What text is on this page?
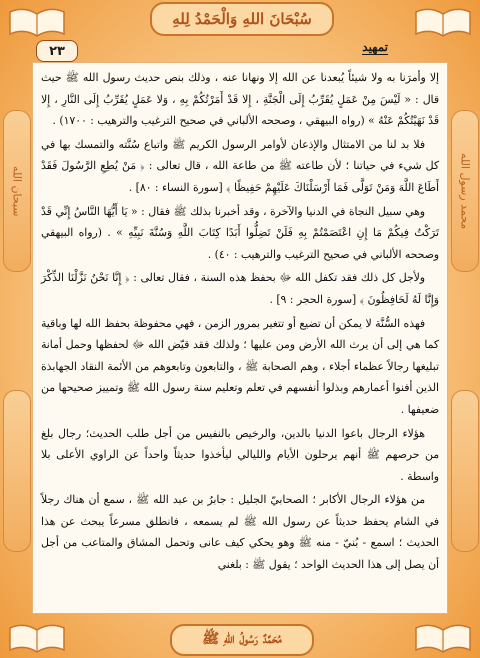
سُبْحَانَ اللهِ وَالْحَمْدُ لِلهِ
سبحان الله	محمد رسول الله
٢٣	تمهيد

إلا وأمرَنا به ولا شيئاً يُبعدنا عن الله إلا ونهانا عنه ، وذلك بنص حديث رسول الله ﷺ حيث قال : « لَيْسَ مِنْ عَمَلٍ يُقَرِّبُ إِلَى الْجَنَّةِ ، إِلا قَدْ أَمَرْتُكُمْ بِهِ ، وَلا عَمَلٍ يُقَرِّبُ إِلَى النَّارِ ، إِلا قَدْ نَهَيْتُكُمْ عَنْهُ » (رواه البيهقي ، وصححه الألباني في صحيح الترغيب والترهيب : ١٧٠٠) .

فلا بد لنا من الامتثال والإذعان لأوامر الرسول الكريم ﷺ واتباع سُنَّته والتمسك بها في كل شيء في حياتنا ؛ لأن طاعته ﷺ من طاعة الله ، قال تعالى : ﴿ مَنْ يُطِعِ الرَّسُولَ فَقَدْ أَطَاعَ اللَّهَ وَمَنْ تَوَلَّى فَمَا أَرْسَلْنَاكَ عَلَيْهِمْ حَفِيظًا ﴾ [سورة النساء : ٨٠] .

وهي سبيل النجاة في الدنيا والآخرة ، وقد أخبرنا بذلك ﷺ فقال : « يَا أَيُّهَا النَّاسُ إِنِّي قَدْ تَرَكْتُ فِيكُمْ مَا إِنِ اعْتَصَمْتُمْ بِهِ فَلَنْ تَضِلُّوا أَبَدًا كِتَابَ اللَّهِ وَسُنَّةَ نَبِيِّهِ » . (رواه البيهقي وصححه الألباني في صحيح الترغيب والترهيب : ٤٠) .

ولأجل كل ذلك فقد تكفل الله ﷻ بحفظ هذه السنة ، فقال تعالى : ﴿ إِنَّا نَحْنُ نَزَّلْنَا الذِّكْرَ وَإِنَّا لَهُ لَحَافِظُونَ ﴾ [سورة الحجر : ٩] .

فهذه السُّنَّة لا يمكن أن تضيع أو تتغير بمرور الزمن ، فهي محفوظة بحفظ الله لها وباقية كما هي إلى أن يرث الله الأرض ومن عليها ؛ ولذلك فقد قيّض الله ﷻ لحفظها وحمل أمانة تبليغها رجالاً عظماء أجلاء ، وهم الصحابة ﷺ ، والتابعون وتابعوهم من الأئمة النقاد الجهابذة الذين أفنوا أعمارهم وبذلوا أنفسهم في تعلم وتعليم سنة رسول الله ﷺ وتمييز صحيحها من ضعيفها .

هؤلاء الرجال باعوا الدنيا بالدين، والرخيص بالنفيس من أجل طلب الحديث؛ رجال بلغ من حرصهم ﷺ أنهم يرحلون الأيام والليالي ليأخذوا حديثاً واحداً عن الراوي الأعلى بلا واسطة .

من هؤلاء الرجال الأكابر ؛ الصحابيّ الجليل : جابرُ بن عبد الله ﷺ ، سمع أن هناك رجلاً في الشام يحفظ حديثاً عن رسول الله ﷺ لم يسمعه ، فانطلق مسرعاً يبحث عن هذا الحديث ؛ اسمع - بُنيّ - منه ﷺ وهو يحكي كيف عانى وتحمل المشاق والمتاعب من أجل أن يصل إلى هذا الحديث الواحد ؛ يقول ﷺ : بلغني

مُحَمَّدٌ رَسُولُ اللهِ ﷺ
